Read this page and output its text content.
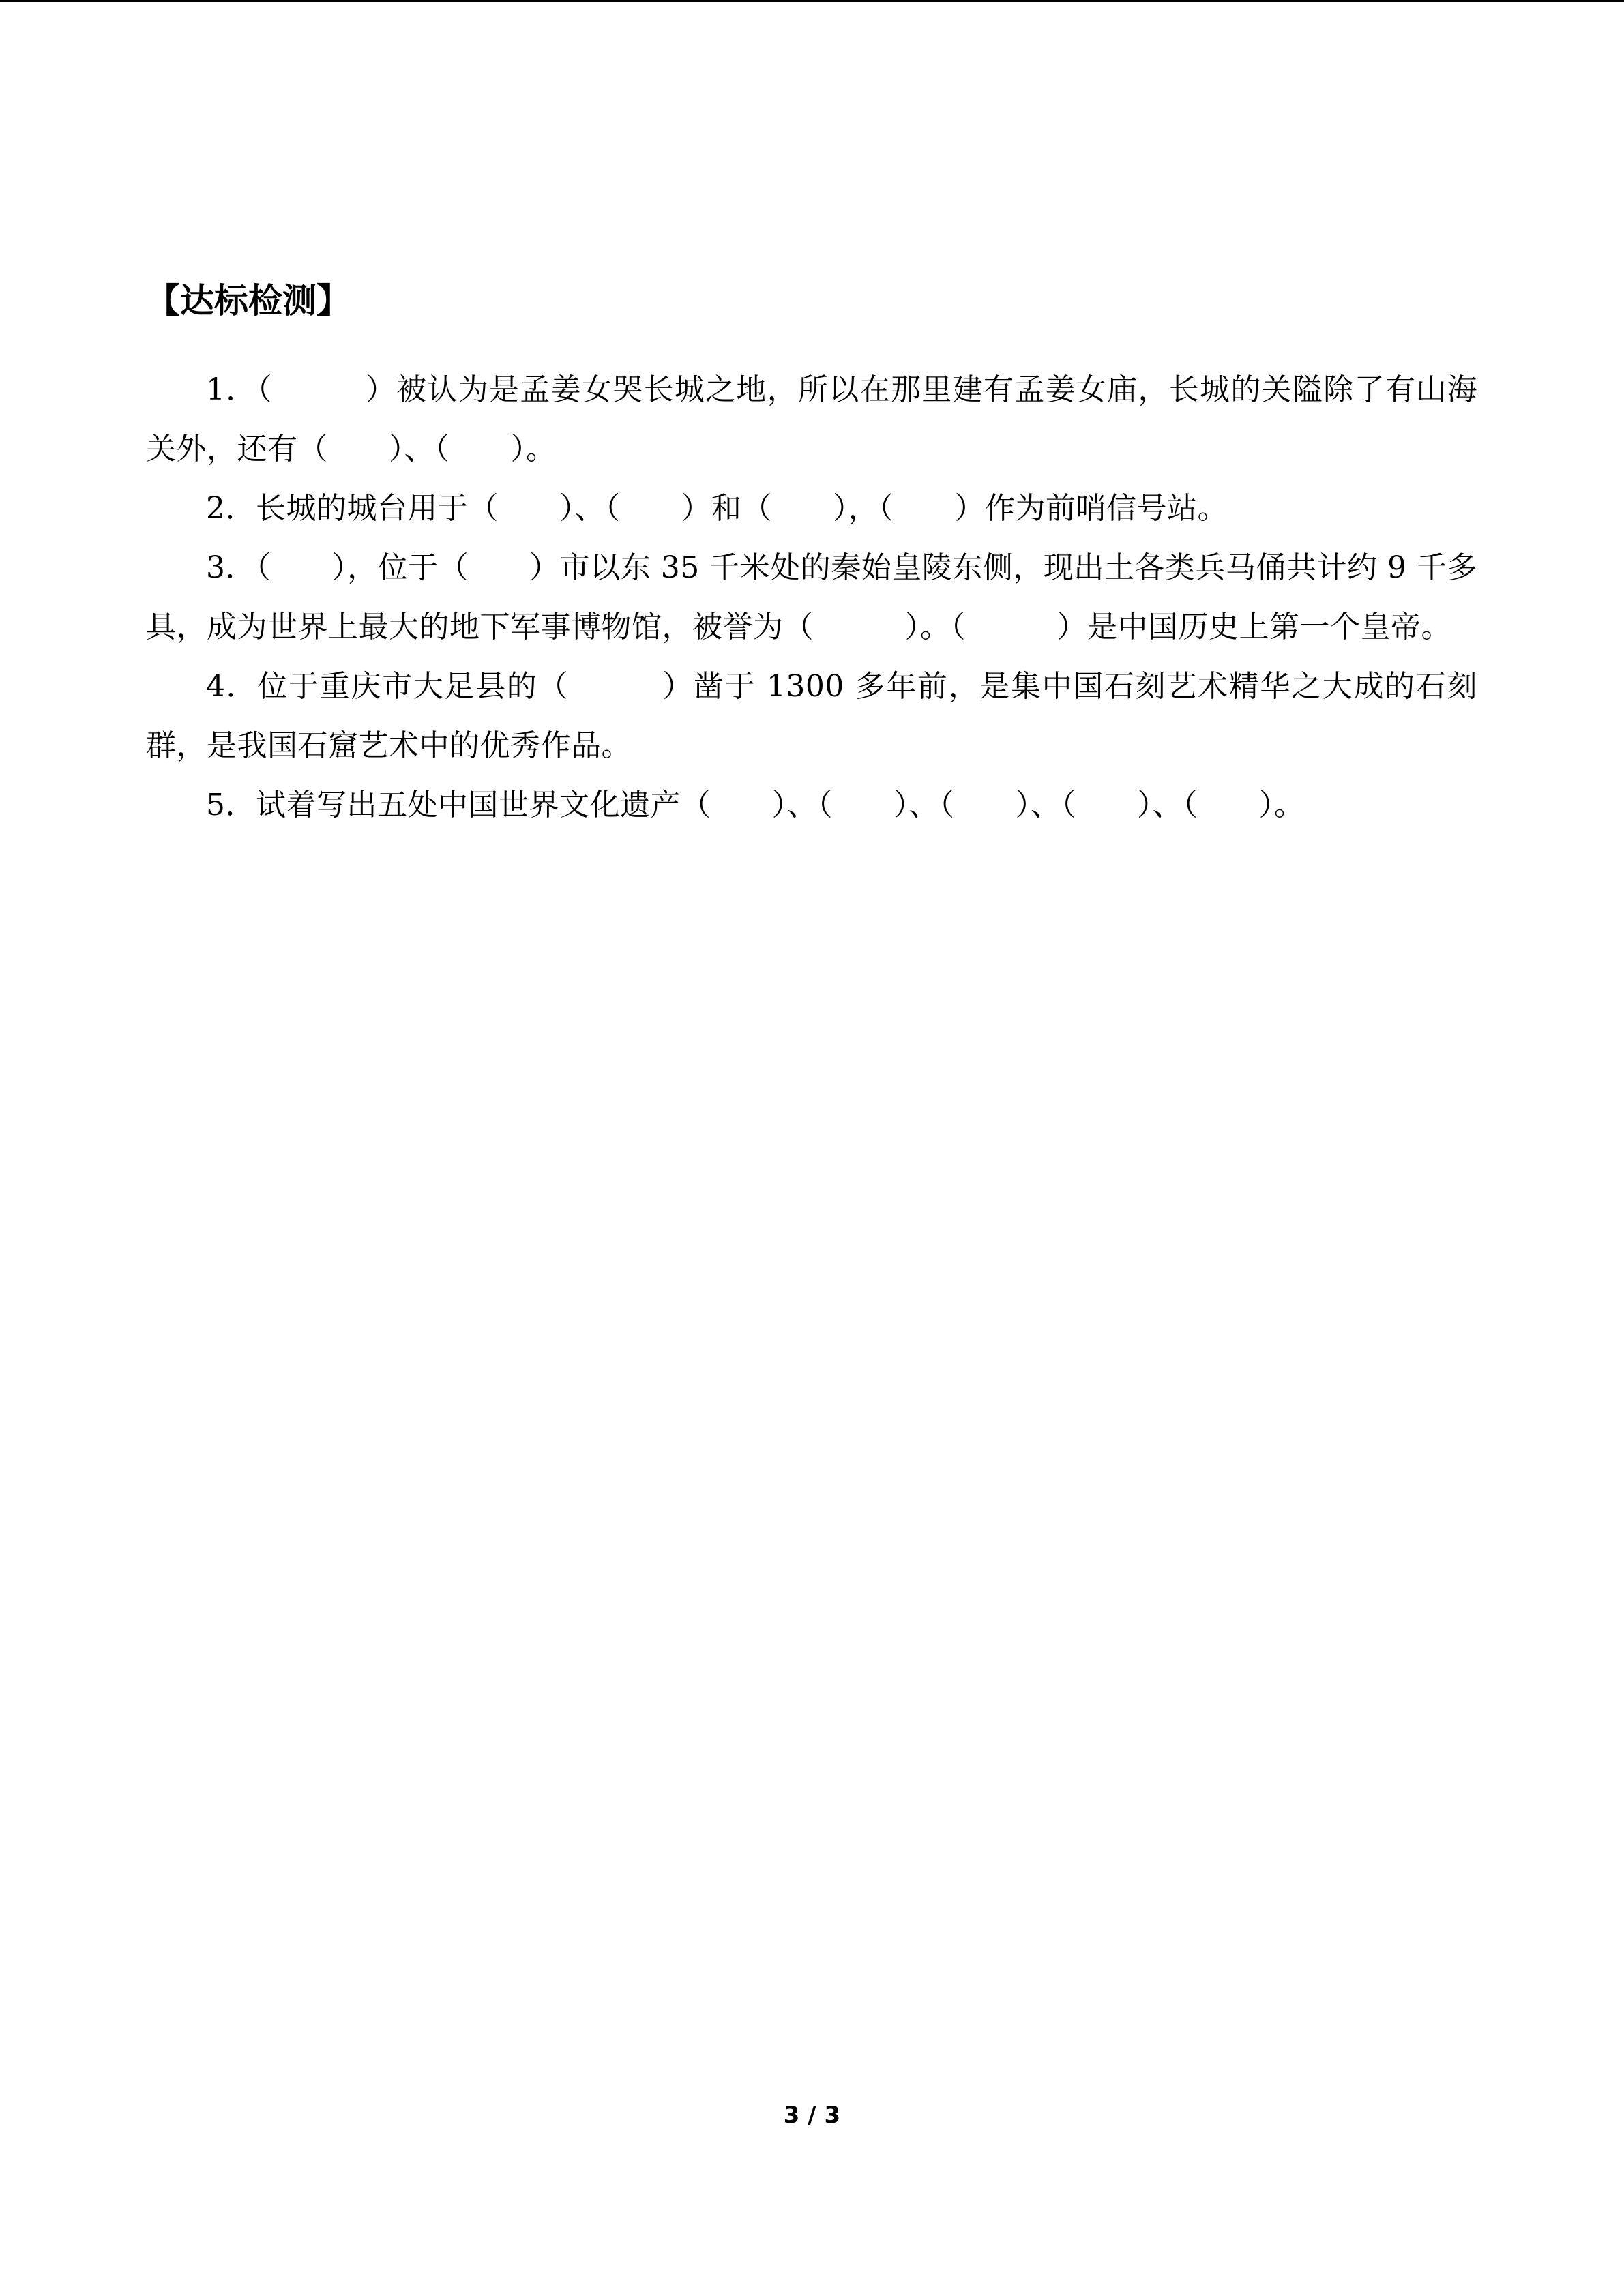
【达标检测】

1．（　　　）被认为是孟姜女哭长城之地，所以在那里建有孟姜女庙，长城的关隘除了有山海关外，还有（　　）、（　　）。

2．长城的城台用于（　　）、（　　）和（　　），（　　）作为前哨信号站。

3．（　　），位于（　　）市以东 35 千米处的秦始皇陵东侧，现出土各类兵马俑共计约 9 千多具，成为世界上最大的地下军事博物馆，被誉为（　　　）。（　　　）是中国历史上第一个皇帝。

4．位于重庆市大足县的（　　　）凿于 1300 多年前，是集中国石刻艺术精华之大成的石刻群，是我国石窟艺术中的优秀作品。

5．试着写出五处中国世界文化遗产（　　）、（　　）、（　　）、（　　）、（　　）。

3 / 3
